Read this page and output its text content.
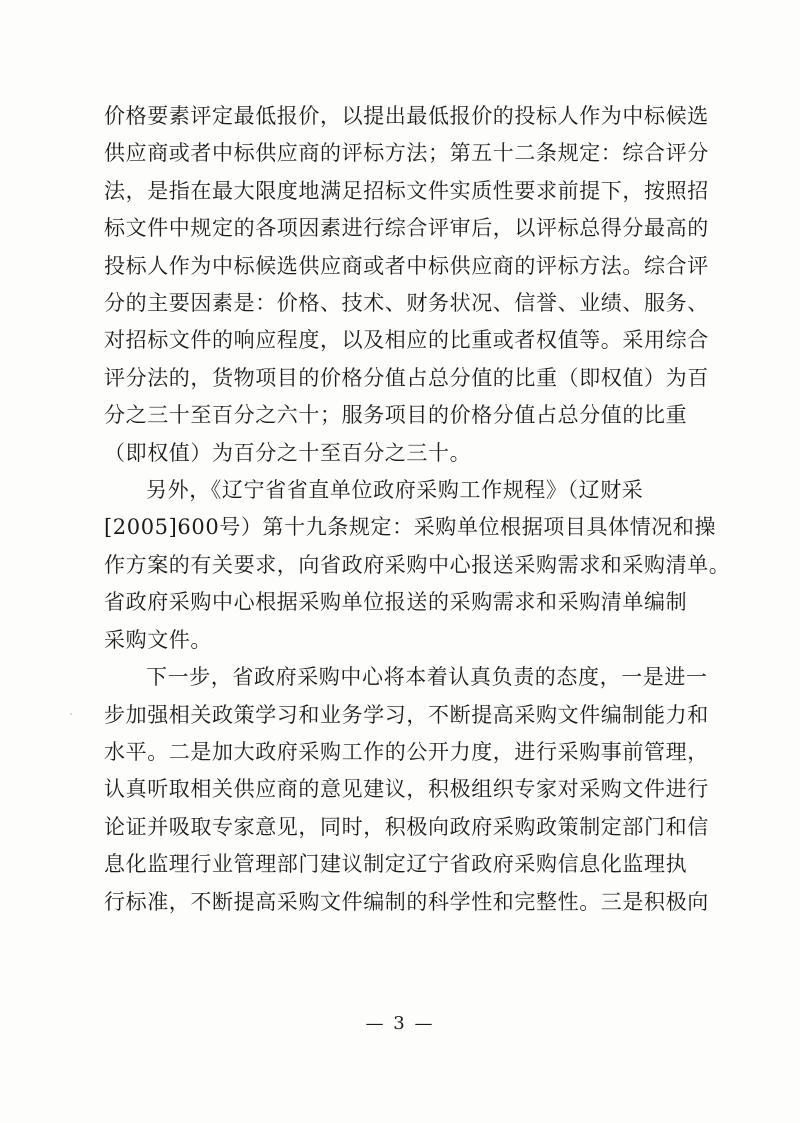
价格要素评定最低报价，以提出最低报价的投标人作为中标候选
供应商或者中标供应商的评标方法；第五十二条规定：综合评分
法，是指在最大限度地满足招标文件实质性要求前提下，按照招
标文件中规定的各项因素进行综合评审后，以评标总得分最高的
投标人作为中标候选供应商或者中标供应商的评标方法。综合评
分的主要因素是：价格、技术、财务状况、信誉、业绩、服务、
对招标文件的响应程度，以及相应的比重或者权值等。采用综合
评分法的，货物项目的价格分值占总分值的比重（即权值）为百
分之三十至百分之六十；服务项目的价格分值占总分值的比重
（即权值）为百分之十至百分之三十。
另外，《辽宁省省直单位政府采购工作规程》（辽财采
[2005]600号）第十九条规定：采购单位根据项目具体情况和操
作方案的有关要求，向省政府采购中心报送采购需求和采购清单。
省政府采购中心根据采购单位报送的采购需求和采购清单编制
采购文件。
下一步，省政府采购中心将本着认真负责的态度，一是进一
步加强相关政策学习和业务学习，不断提高采购文件编制能力和
水平。二是加大政府采购工作的公开力度，进行采购事前管理，
认真听取相关供应商的意见建议，积极组织专家对采购文件进行
论证并吸取专家意见，同时，积极向政府采购政策制定部门和信
息化监理行业管理部门建议制定辽宁省政府采购信息化监理执
行标准，不断提高采购文件编制的科学性和完整性。三是积极向
— 3 —
